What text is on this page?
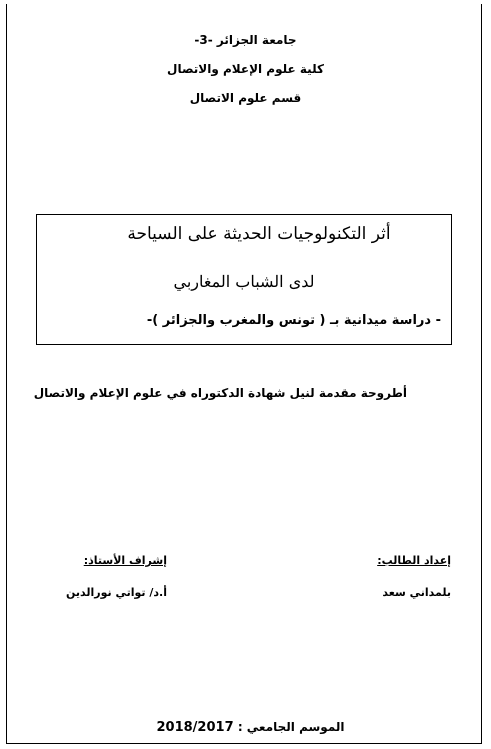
جامعة الجزائر -3-
كلية علوم الإعلام والاتصال
قسم علوم الاتصال
أثر التكنولوجيات الحديثة على السياحة
لدى الشباب المغاربي
- دراسة ميدانية بـ ( تونس والمغرب والجزائر )-
أطروحة مقدمة لنيل شهادة الدكتوراه في علوم الإعلام والاتصال
إعداد الطالب:
بلمداني سعد
إشراف الأستاذ:
أ.د/ تواتي نورالدين
الموسم الجامعي : 2018/2017
